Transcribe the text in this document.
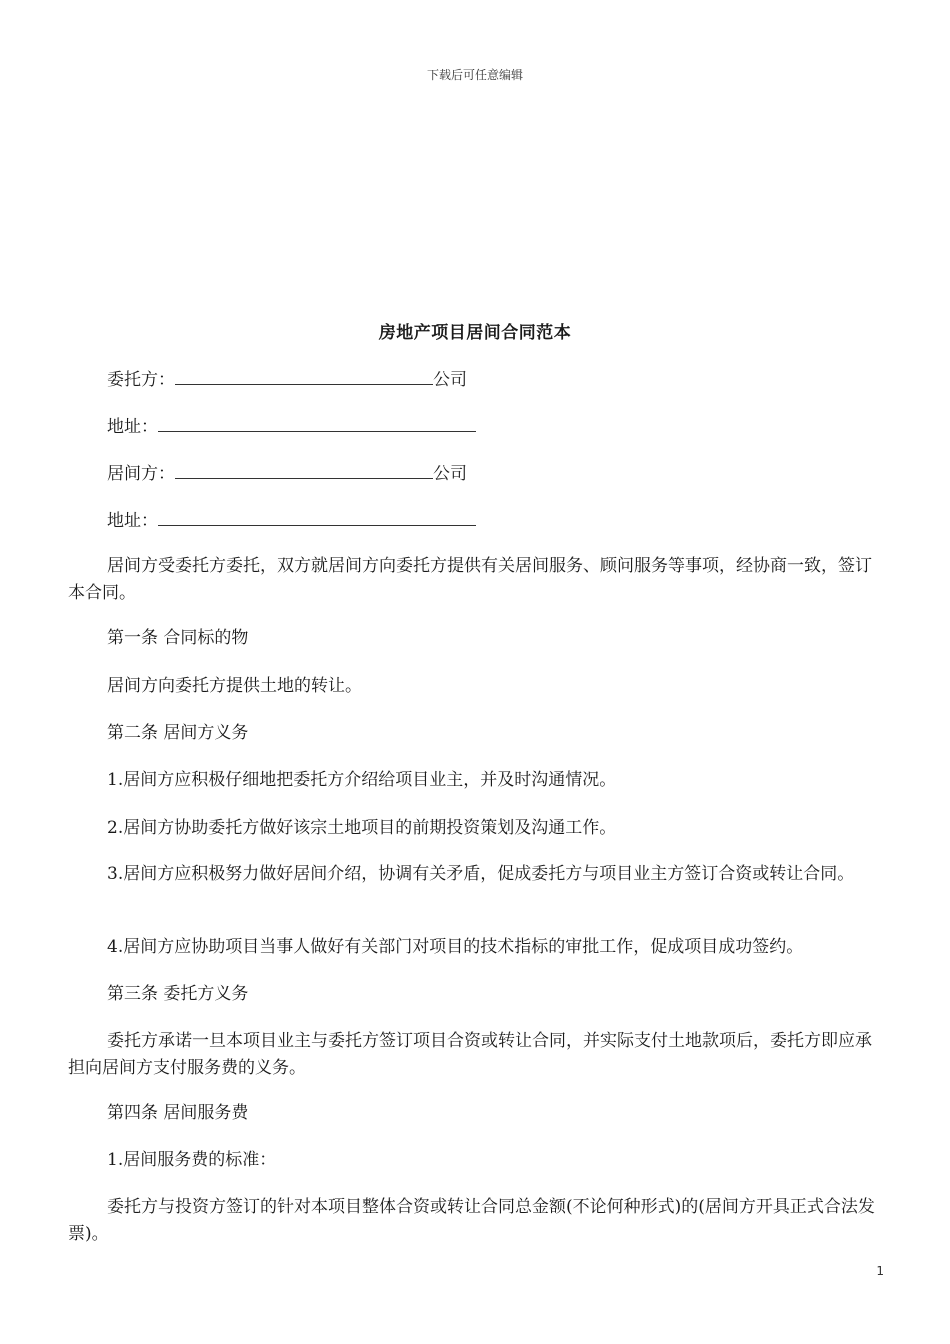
下载后可任意编辑
房地产项目居间合同范本
委托方：	公司
地址：
居间方：	公司
地址：

居间方受委托方委托，双方就居间方向委托方提供有关居间服务、顾问服务等事项，经协商一致，签订本合同。

第一条 合同标的物

居间方向委托方提供土地的转让。

第二条 居间方义务

1.居间方应积极仔细地把委托方介绍给项目业主，并及时沟通情况。

2.居间方协助委托方做好该宗土地项目的前期投资策划及沟通工作。

3.居间方应积极努力做好居间介绍，协调有关矛盾，促成委托方与项目业主方签订合资或转让合同。

4.居间方应协助项目当事人做好有关部门对项目的技术指标的审批工作，促成项目成功签约。

第三条 委托方义务

委托方承诺一旦本项目业主与委托方签订项目合资或转让合同，并实际支付土地款项后，委托方即应承担向居间方支付服务费的义务。

第四条 居间服务费

1.居间服务费的标准：

委托方与投资方签订的针对本项目整体合资或转让合同总金额(不论何种形式)的(居间方开具正式合法发票)。

1
